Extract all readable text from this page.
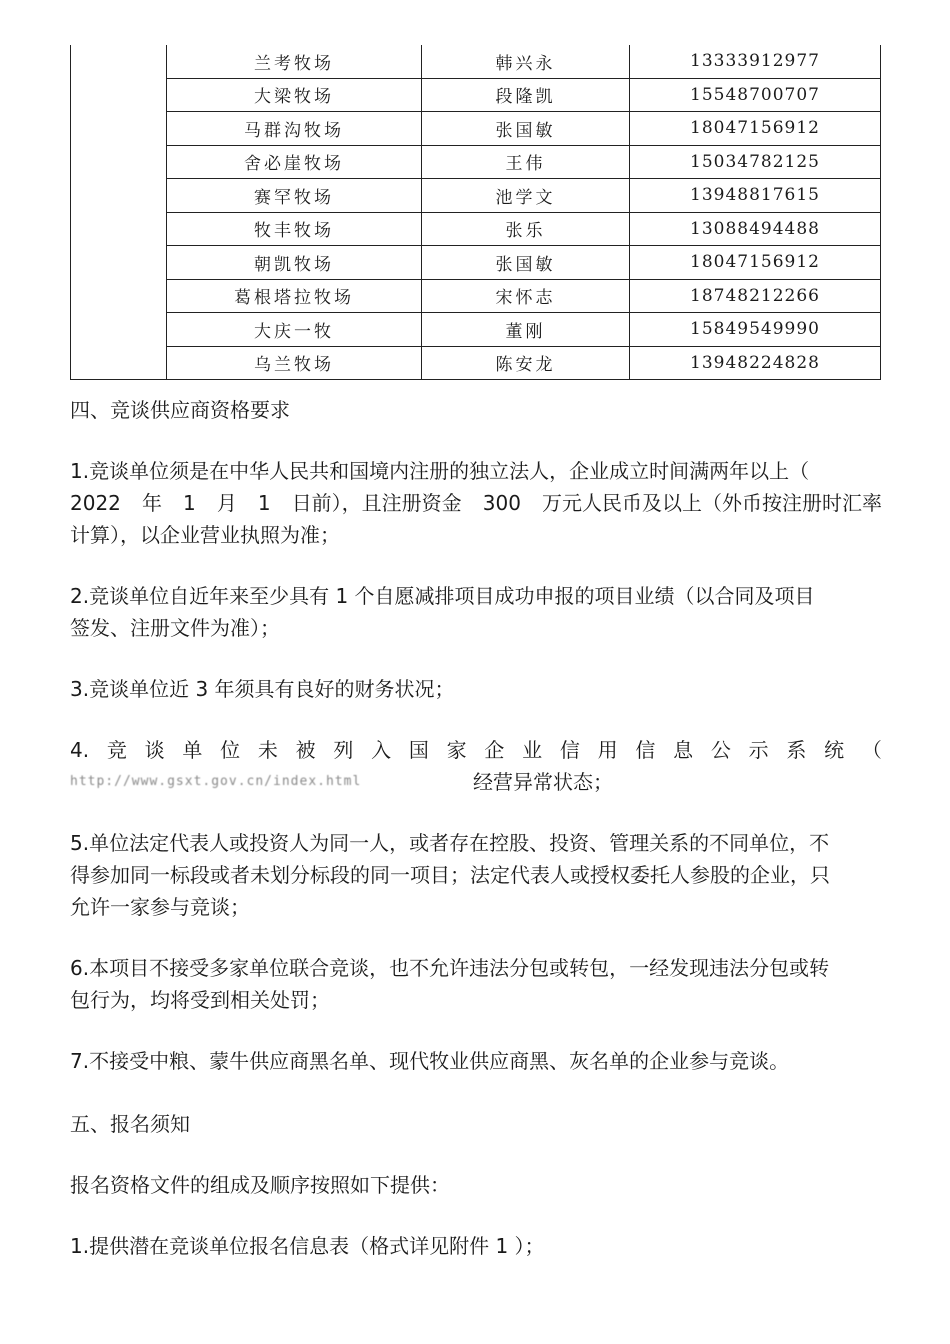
	兰考牧场	韩兴永	13333912977
	大梁牧场	段隆凯	15548700707
	马群沟牧场	张国敏	18047156912
	舍必崖牧场	王伟	15034782125
	赛罕牧场	池学文	13948817615
	牧丰牧场	张乐	13088494488
	朝凯牧场	张国敏	18047156912
	葛根塔拉牧场	宋怀志	18748212266
	大庆一牧	董刚	15849549990
	乌兰牧场	陈安龙	13948224828
四、竞谈供应商资格要求
1.竞谈单位须是在中华人民共和国境内注册的独立法人，企业成立时间满两年以上（
2022 年 1 月 1 日前），且注册资金 300 万元人民币及以上（外币按注册时汇率
计算），以企业营业执照为准；
2.竞谈单位自近年来至少具有 1 个自愿减排项目成功申报的项目业绩（以合同及项目
签发、注册文件为准）；
3.竞谈单位近 3 年须具有良好的财务状况；
4. 竞 谈 单 位 未 被 列 入 国 家 企 业 信 用 信 息 公 示 系 统 （
http://www.gsxt.gov.cn/index.html	经营异常状态；
5.单位法定代表人或投资人为同一人，或者存在控股、投资、管理关系的不同单位，不
得参加同一标段或者未划分标段的同一项目；法定代表人或授权委托人参股的企业，只
允许一家参与竞谈；
6.本项目不接受多家单位联合竞谈，也不允许违法分包或转包，一经发现违法分包或转
包行为，均将受到相关处罚；
7.不接受中粮、蒙牛供应商黑名单、现代牧业供应商黑、灰名单的企业参与竞谈。
五、报名须知
报名资格文件的组成及顺序按照如下提供：
1.提供潜在竞谈单位报名信息表（格式详见附件 1 ）；
